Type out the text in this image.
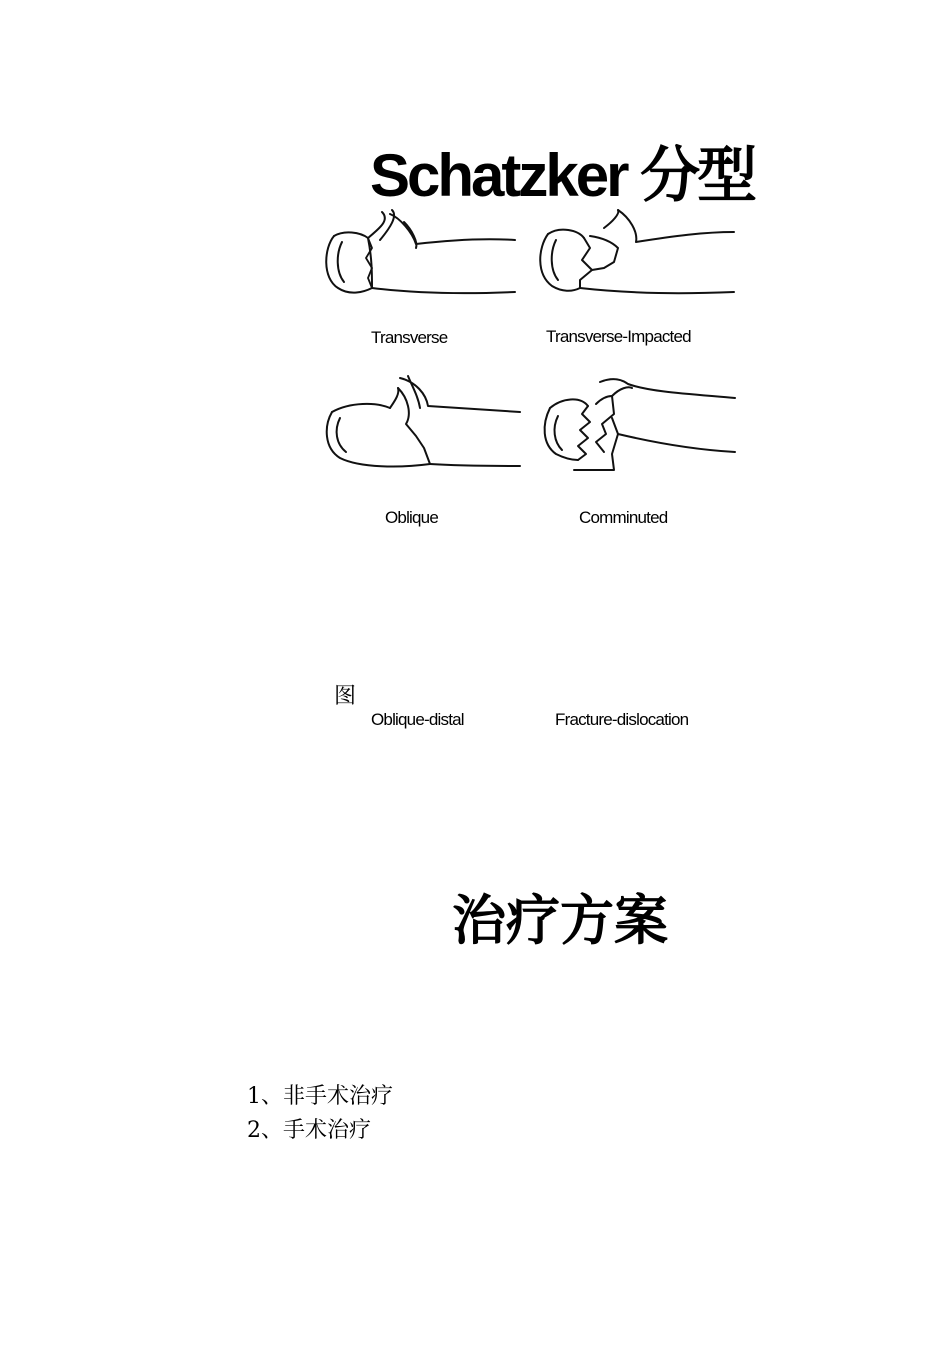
Schatzker 分型
Transverse	Transverse-Impacted
Oblique	Comminuted
图
Oblique-distal	Fracture-dislocation
治疗方案
1、非手术治疗
2、手术治疗
